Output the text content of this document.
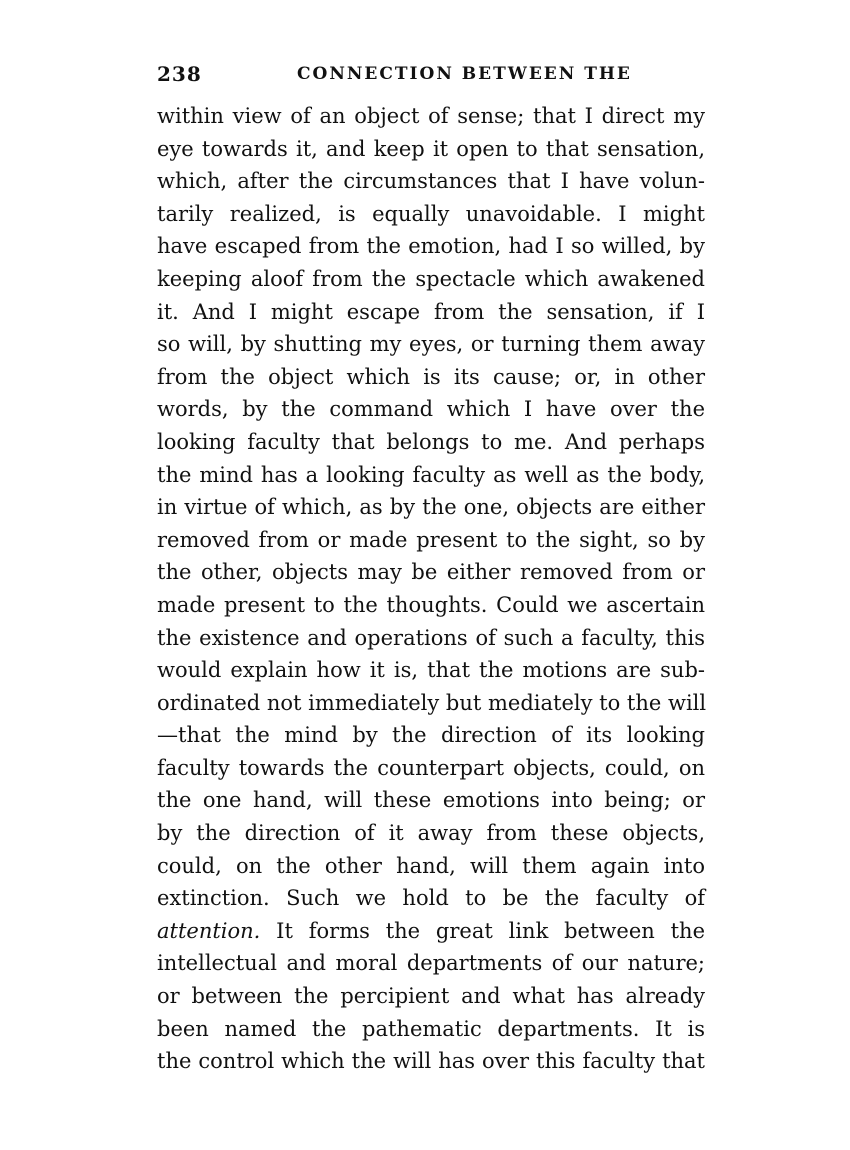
238	CONNECTION BETWEEN THE
within view of an object of sense; that I direct my
eye towards it, and keep it open to that sensation,
which, after the circumstances that I have volun-
tarily realized, is equally unavoidable. I might
have escaped from the emotion, had I so willed, by
keeping aloof from the spectacle which awakened
it. And I might escape from the sensation, if I
so will, by shutting my eyes, or turning them away
from the object which is its cause; or, in other
words, by the command which I have over the
looking faculty that belongs to me. And perhaps
the mind has a looking faculty as well as the body,
in virtue of which, as by the one, objects are either
removed from or made present to the sight, so by
the other, objects may be either removed from or
made present to the thoughts. Could we ascertain
the existence and operations of such a faculty, this
would explain how it is, that the motions are sub-
ordinated not immediately but mediately to the will
—that the mind by the direction of its looking
faculty towards the counterpart objects, could, on
the one hand, will these emotions into being; or
by the direction of it away from these objects,
could, on the other hand, will them again into
extinction. Such we hold to be the faculty of
attention. It forms the great link between the
intellectual and moral departments of our nature;
or between the percipient and what has already
been named the pathematic departments. It is
the control which the will has over this faculty that
